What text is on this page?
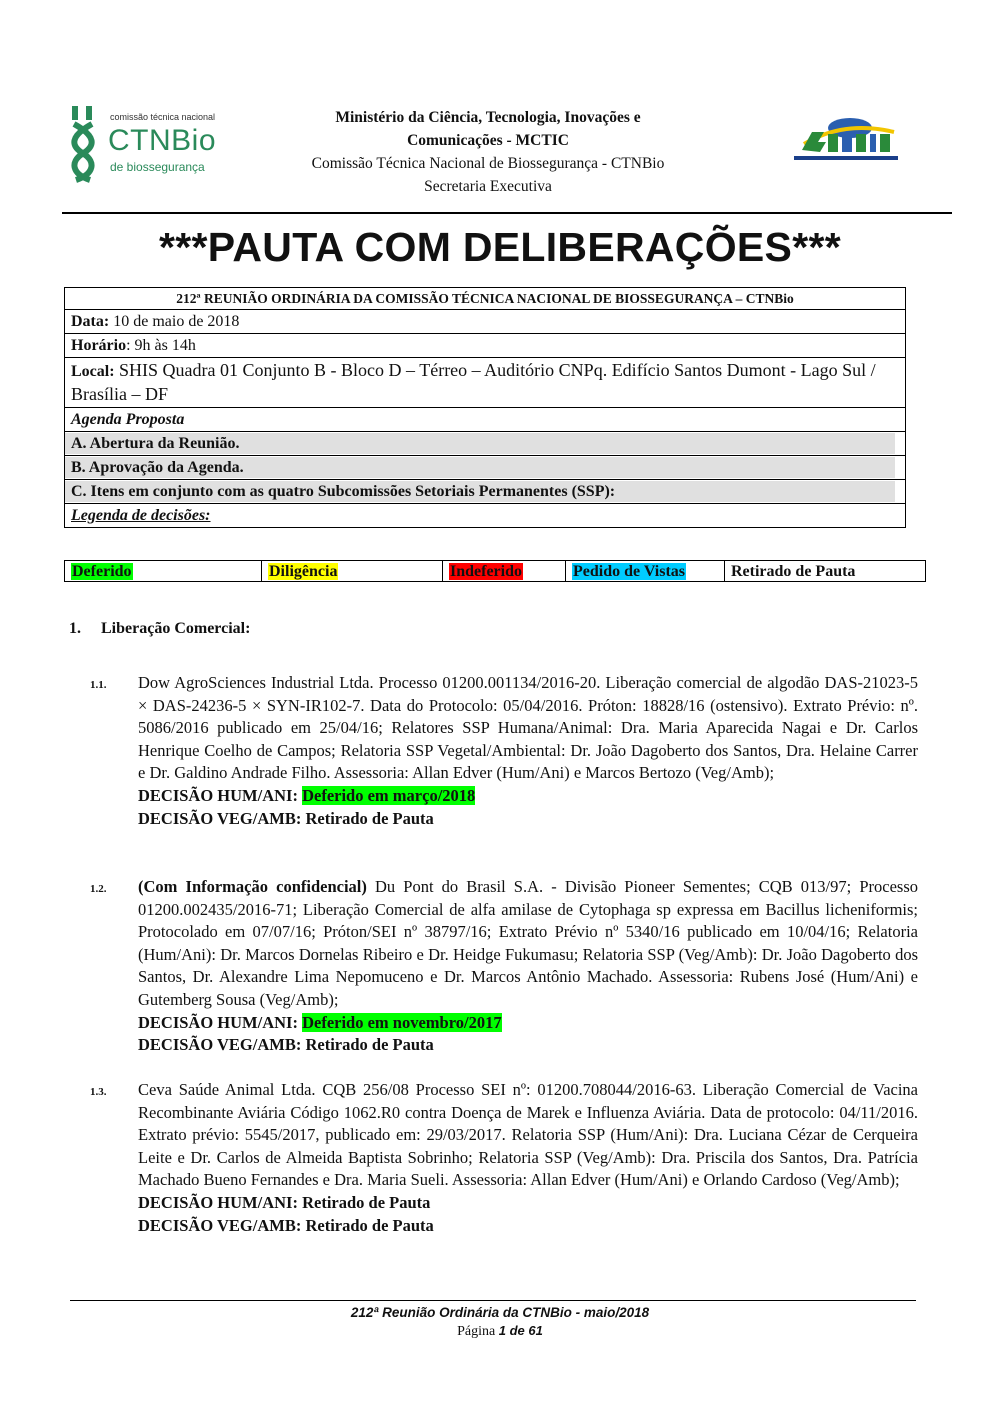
comissão técnica nacional
CTNBio
de biossegurança
Ministério da Ciência, Tecnologia, Inovações e
Comunicações - MCTIC
Comissão Técnica Nacional de Biossegurança - CTNBio
Secretaria Executiva
***PAUTA COM DELIBERAÇÕES***
212ª REUNIÃO ORDINÁRIA DA COMISSÃO TÉCNICA NACIONAL DE BIOSSEGURANÇA – CTNBio
Data: 10 de maio de 2018
Horário: 9h às 14h
Local: SHIS Quadra 01 Conjunto B - Bloco D – Térreo – Auditório CNPq. Edifício Santos Dumont - Lago Sul / Brasília – DF
Agenda Proposta
A. Abertura da Reunião.
B. Aprovação da Agenda.
C. Itens em conjunto com as quatro Subcomissões Setoriais Permanentes (SSP):
Legenda de decisões:
Deferido	Diligência	Indeferido	Pedido de Vistas	Retirado de Pauta
1. Liberação Comercial:
1.1. Dow AgroSciences Industrial Ltda. Processo 01200.001134/2016-20. Liberação comercial de algodão DAS-21023-5 × DAS-24236-5 × SYN-IR102-7. Data do Protocolo: 05/04/2016. Próton: 18828/16 (ostensivo). Extrato Prévio: nº. 5086/2016 publicado em 25/04/16; Relatores SSP Humana/Animal: Dra. Maria Aparecida Nagai e Dr. Carlos Henrique Coelho de Campos; Relatoria SSP Vegetal/Ambiental: Dr. João Dagoberto dos Santos, Dra. Helaine Carrer e Dr. Galdino Andrade Filho. Assessoria: Allan Edver (Hum/Ani) e Marcos Bertozo (Veg/Amb);
DECISÃO HUM/ANI: Deferido em março/2018
DECISÃO VEG/AMB: Retirado de Pauta
1.2. (Com Informação confidencial) Du Pont do Brasil S.A. - Divisão Pioneer Sementes; CQB 013/97; Processo 01200.002435/2016-71; Liberação Comercial de alfa amilase de Cytophaga sp expressa em Bacillus licheniformis; Protocolado em 07/07/16; Próton/SEI nº 38797/16; Extrato Prévio nº 5340/16 publicado em 10/04/16; Relatoria (Hum/Ani): Dr. Marcos Dornelas Ribeiro e Dr. Heidge Fukumasu; Relatoria SSP (Veg/Amb): Dr. João Dagoberto dos Santos, Dr. Alexandre Lima Nepomuceno e Dr. Marcos Antônio Machado. Assessoria: Rubens José (Hum/Ani) e Gutemberg Sousa (Veg/Amb);
DECISÃO HUM/ANI: Deferido em novembro/2017
DECISÃO VEG/AMB: Retirado de Pauta
1.3. Ceva Saúde Animal Ltda. CQB 256/08 Processo SEI nº: 01200.708044/2016-63. Liberação Comercial de Vacina Recombinante Aviária Código 1062.R0 contra Doença de Marek e Influenza Aviária. Data de protocolo: 04/11/2016. Extrato prévio: 5545/2017, publicado em: 29/03/2017. Relatoria SSP (Hum/Ani): Dra. Luciana Cézar de Cerqueira Leite e Dr. Carlos de Almeida Baptista Sobrinho; Relatoria SSP (Veg/Amb): Dra. Priscila dos Santos, Dra. Patrícia Machado Bueno Fernandes e Dra. Maria Sueli. Assessoria: Allan Edver (Hum/Ani) e Orlando Cardoso (Veg/Amb);
DECISÃO HUM/ANI: Retirado de Pauta
DECISÃO VEG/AMB: Retirado de Pauta
212ª Reunião Ordinária da CTNBio - maio/2018
Página 1 de 61
